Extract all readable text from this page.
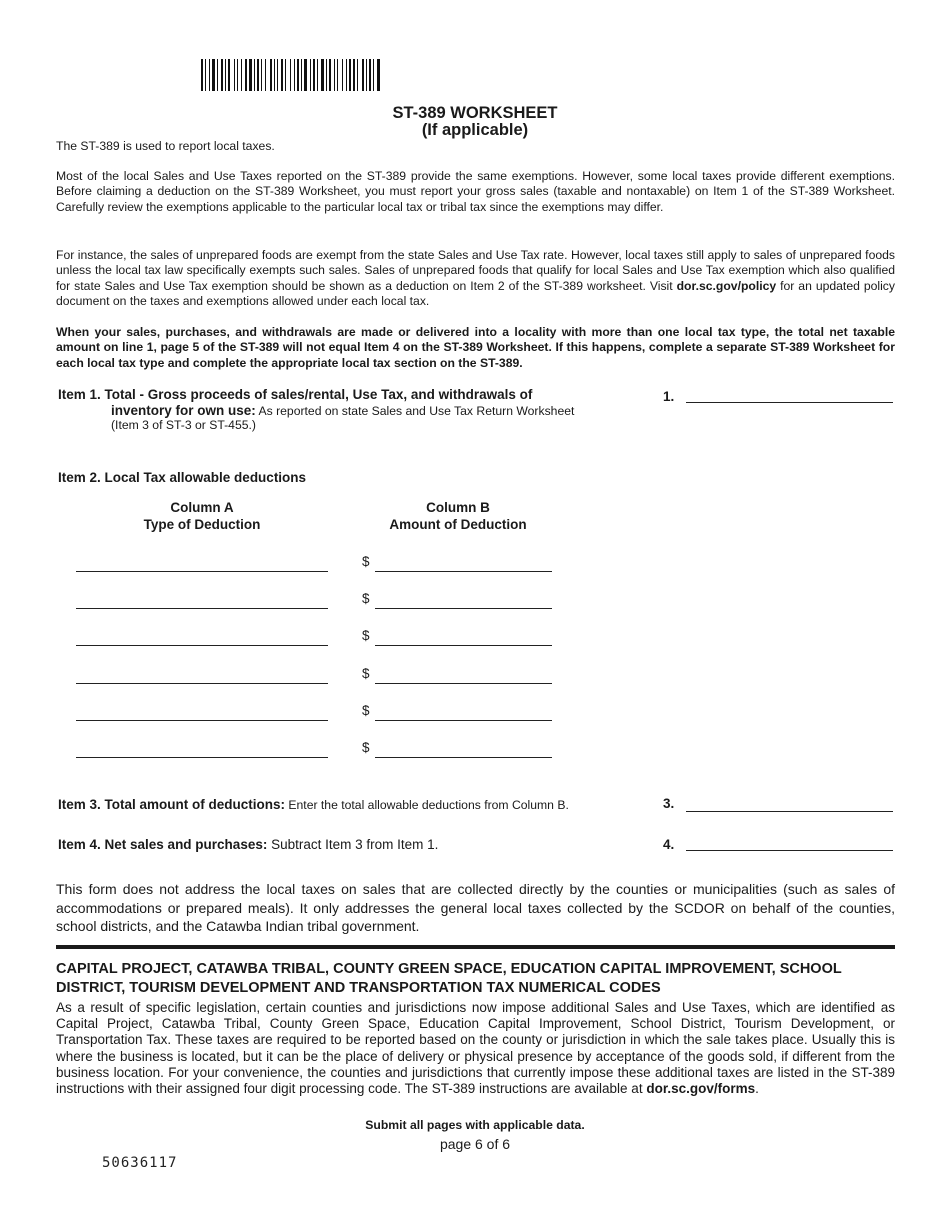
ST-389 WORKSHEET
(If applicable)
The ST-389 is used to report local taxes.
Most of the local Sales and Use Taxes reported on the ST-389 provide the same exemptions. However, some local taxes provide different exemptions. Before claiming a deduction on the ST-389 Worksheet, you must report your gross sales (taxable and nontaxable) on Item 1 of the ST-389 Worksheet. Carefully review the exemptions applicable to the particular local tax or tribal tax since the exemptions may differ.
For instance, the sales of unprepared foods are exempt from the state Sales and Use Tax rate. However, local taxes still apply to sales of unprepared foods unless the local tax law specifically exempts such sales. Sales of unprepared foods that qualify for local Sales and Use Tax exemption which also qualified for state Sales and Use Tax exemption should be shown as a deduction on Item 2 of the ST-389 worksheet. Visit dor.sc.gov/policy for an updated policy document on the taxes and exemptions allowed under each local tax.
When your sales, purchases, and withdrawals are made or delivered into a locality with more than one local tax type, the total net taxable amount on line 1, page 5 of the ST-389 will not equal Item 4 on the ST-389 Worksheet. If this happens, complete a separate ST-389 Worksheet for each local tax type and complete the appropriate local tax section on the ST-389.
Item 1. Total - Gross proceeds of sales/rental, Use Tax, and withdrawals of
inventory for own use: As reported on state Sales and Use Tax Return Worksheet
(Item 3 of ST-3 or ST-455.)
1.
Item 2. Local Tax allowable deductions
Column A
Type of Deduction
Column B
Amount of Deduction
$
$
$
$
$
$
Item 3. Total amount of deductions: Enter the total allowable deductions from Column B.	3.
Item 4. Net sales and purchases: Subtract Item 3 from Item 1.	4.
This form does not address the local taxes on sales that are collected directly by the counties or municipalities (such as sales of accommodations or prepared meals). It only addresses the general local taxes collected by the SCDOR on behalf of the counties, school districts, and the Catawba Indian tribal government.
CAPITAL PROJECT, CATAWBA TRIBAL, COUNTY GREEN SPACE, EDUCATION CAPITAL IMPROVEMENT, SCHOOL DISTRICT, TOURISM DEVELOPMENT AND TRANSPORTATION TAX NUMERICAL CODES
As a result of specific legislation, certain counties and jurisdictions now impose additional Sales and Use Taxes, which are identified as Capital Project, Catawba Tribal, County Green Space, Education Capital Improvement, School District, Tourism Development, or Transportation Tax. These taxes are required to be reported based on the county or jurisdiction in which the sale takes place. Usually this is where the business is located, but it can be the place of delivery or physical presence by acceptance of the goods sold, if different from the business location. For your convenience, the counties and jurisdictions that currently impose these additional taxes are listed in the ST-389 instructions with their assigned four digit processing code. The ST-389 instructions are available at dor.sc.gov/forms.
Submit all pages with applicable data.
page 6 of 6
50636117
